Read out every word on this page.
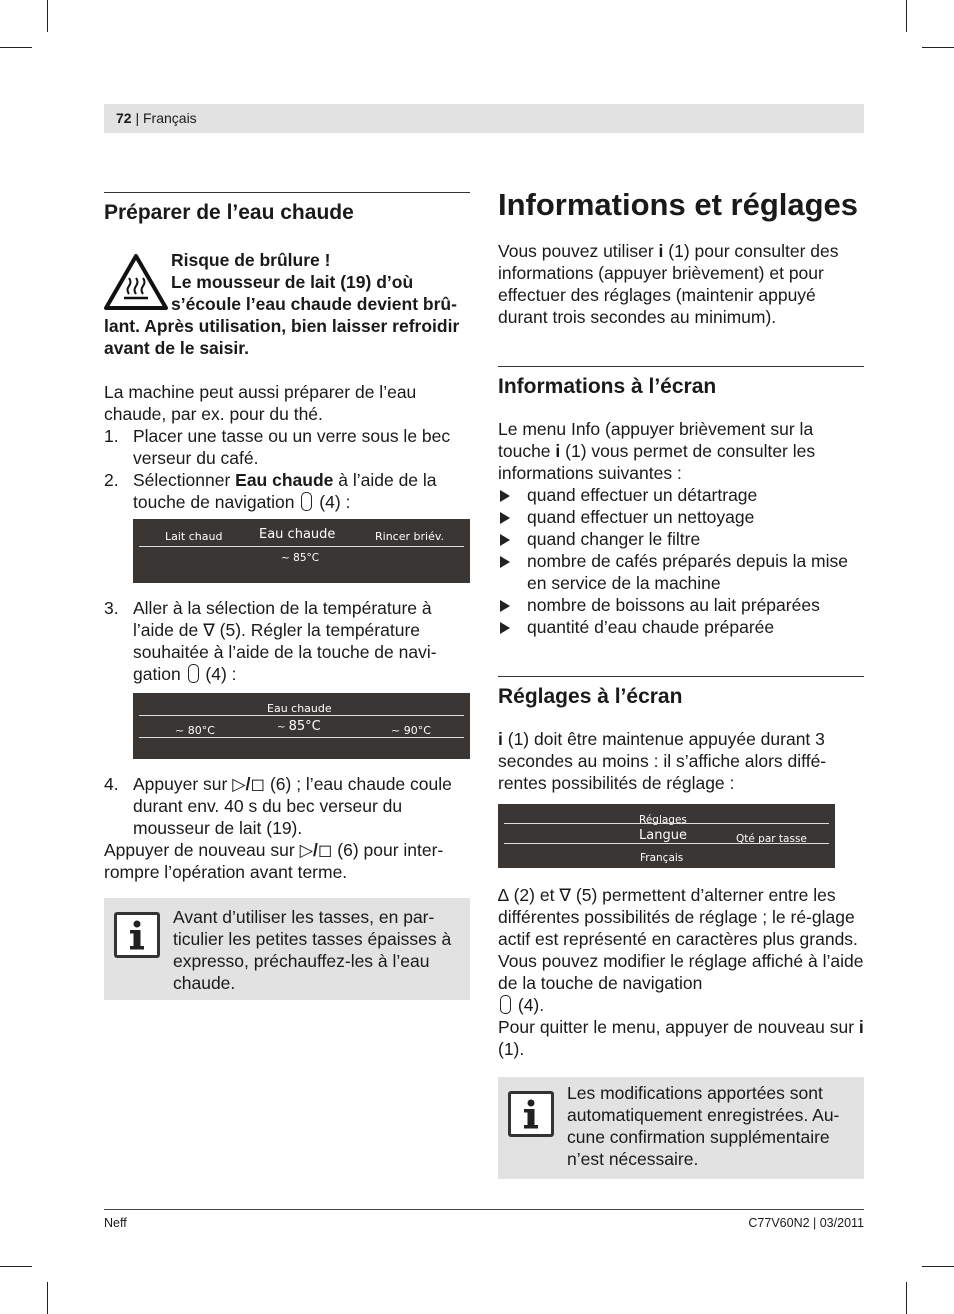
72 | Français
Préparer de l’eau chaude
Risque de brûlure !
Le mousseur de lait (19) d’où
s’écoule l’eau chaude devient brû-
lant. Après utilisation, bien laisser refroidir
avant de le saisir.

La machine peut aussi préparer de l’eau chaude, par ex. pour du thé.

1. Placer une tasse ou un verre sous le bec verseur du café.
2. Sélectionner Eau chaude à l’aide de la touche de navigation  (4) :
Lait chaud	Eau chaude	Rincer briév.
~ 85°C
3. Aller à la sélection de la température à l’aide de ∇ (5). Régler la température souhaitée à l’aide de la touche de navi-gation  (4) :
Eau chaude
~ 80°C	~ 85°C	~ 90°C
4. Appuyer sur ▷/◻ (6) ; l’eau chaude coule durant env. 40 s du bec verseur du mousseur de lait (19).

Appuyer de nouveau sur ▷/◻ (6) pour inter-rompre l’opération avant terme.

Avant d’utiliser les tasses, en par-ticulier les petites tasses épaisses à expresso, préchauffez-les à l’eau chaude.

Informations et réglages

Vous pouvez utiliser i (1) pour consulter des informations (appuyer brièvement) et pour effectuer des réglages (maintenir appuyé durant trois secondes au minimum).

Informations à l’écran

Le menu Info (appuyer brièvement sur la touche i (1) vous permet de consulter les informations suivantes :

quand effectuer un détartrage
quand effectuer un nettoyage
quand changer le filtre
nombre de cafés préparés depuis la mise en service de la machine
nombre de boissons au lait préparées
quantité d’eau chaude préparée
Réglages à l’écran

i (1) doit être maintenue appuyée durant 3 secondes au moins : il s’affiche alors diffé-rentes possibilités de réglage :

Réglages
Langue	Qté par tasse
Français

∆ (2) et ∇ (5) permettent d’alterner entre les différentes possibilités de réglage ; le ré-glage actif est représenté en caractères plus grands. Vous pouvez modifier le réglage affiché à l’aide de la touche de navigation
(4).

Pour quitter le menu, appuyer de nouveau sur i (1).

Les modifications apportées sont automatiquement enregistrées. Au-cune confirmation supplémentaire n’est nécessaire.

Neff	C77V60N2 | 03/2011
